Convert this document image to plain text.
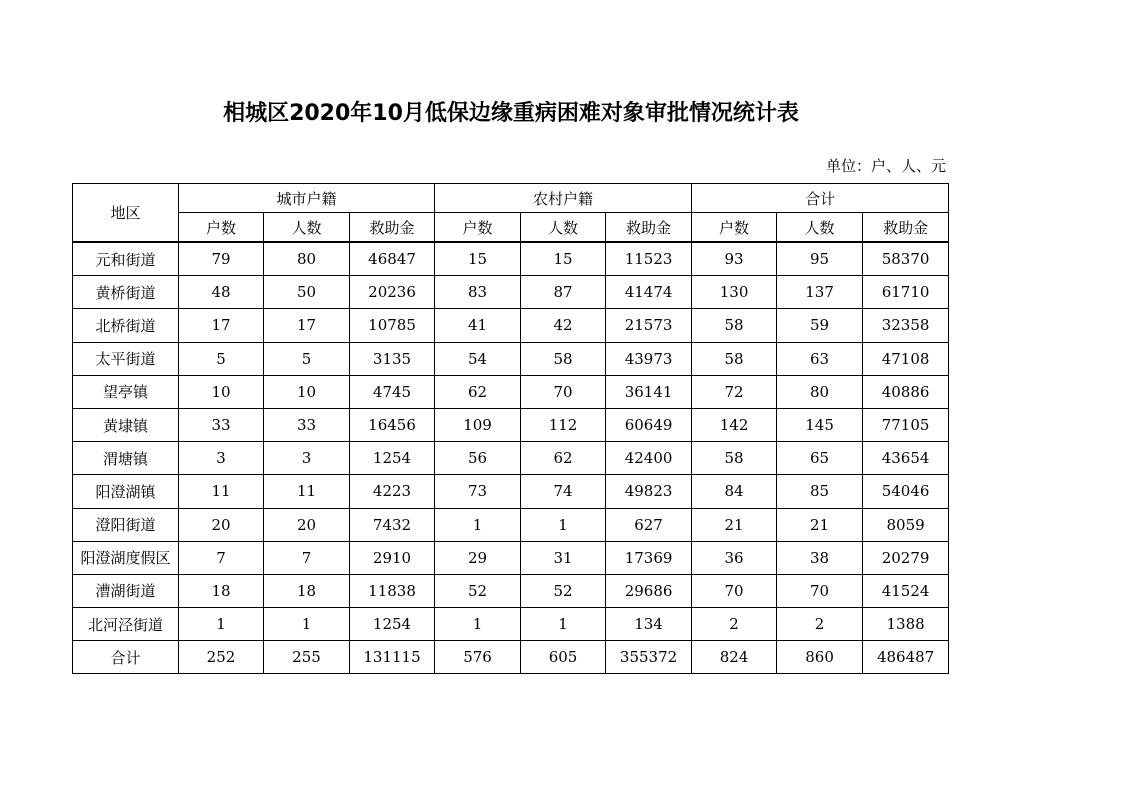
相城区2020年10月低保边缘重病困难对象审批情况统计表
单位：户、人、元
地区	城市户籍			农村户籍			合计		
	户数	人数	救助金	户数	人数	救助金	户数	人数	救助金
元和街道	79	80	46847	15	15	11523	93	95	58370
黄桥街道	48	50	20236	83	87	41474	130	137	61710
北桥街道	17	17	10785	41	42	21573	58	59	32358
太平街道	5	5	3135	54	58	43973	58	63	47108
望亭镇	10	10	4745	62	70	36141	72	80	40886
黄埭镇	33	33	16456	109	112	60649	142	145	77105
渭塘镇	3	3	1254	56	62	42400	58	65	43654
阳澄湖镇	11	11	4223	73	74	49823	84	85	54046
澄阳街道	20	20	7432	1	1	627	21	21	8059
阳澄湖度假区	7	7	2910	29	31	17369	36	38	20279
漕湖街道	18	18	11838	52	52	29686	70	70	41524
北河泾街道	1	1	1254	1	1	134	2	2	1388
合计	252	255	131115	576	605	355372	824	860	486487
